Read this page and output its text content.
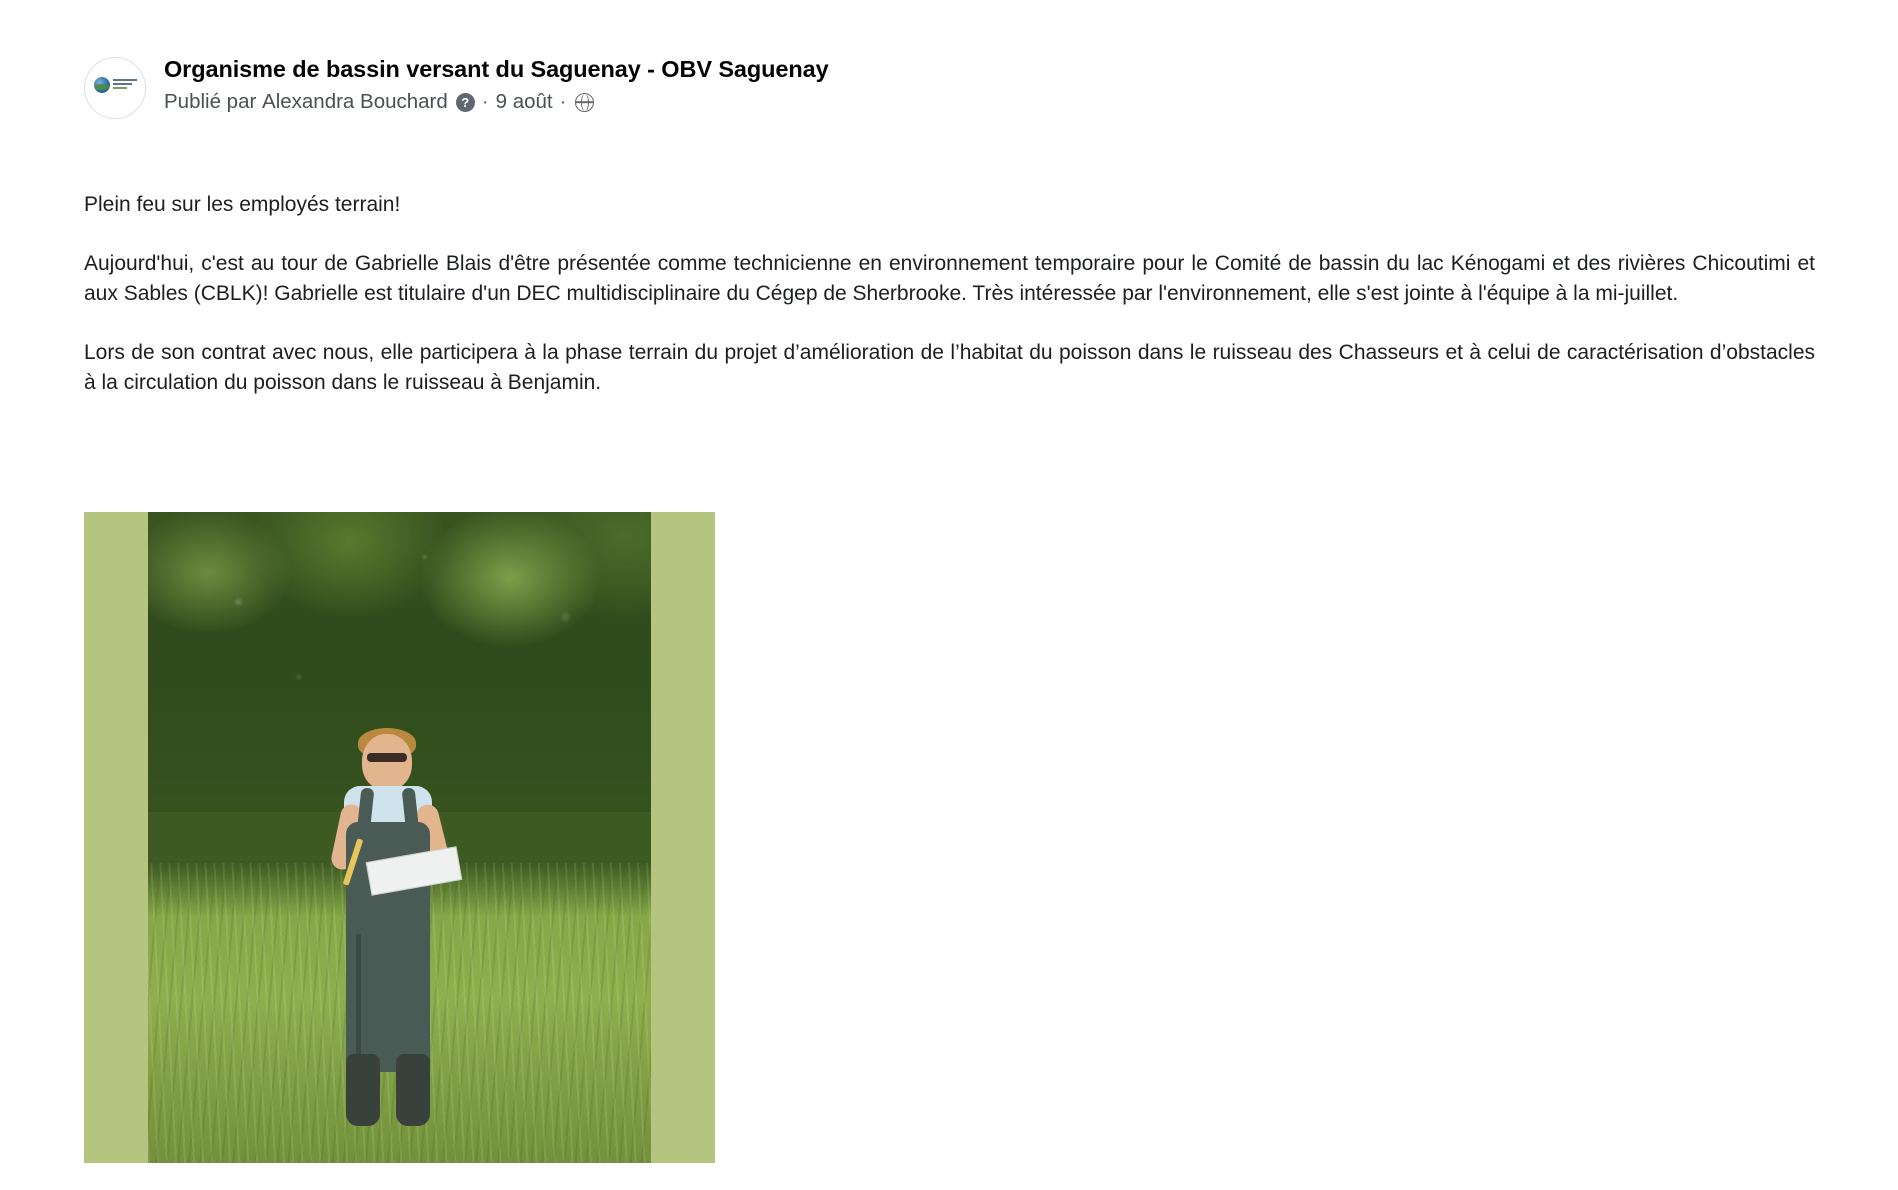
Organisme de bassin versant du Saguenay - OBV Saguenay
Publié par
Alexandra Bouchard	? · 9 août ·

Plein feu sur les employés terrain!

Aujourd'hui, c'est au tour de Gabrielle Blais d'être présentée comme technicienne en environnement temporaire pour le Comité de bassin du lac Kénogami et des rivières Chicoutimi et aux Sables (CBLK)! Gabrielle est titulaire d'un DEC multidisciplinaire du Cégep de Sherbrooke. Très intéressée par l'environnement, elle s'est jointe à l'équipe à la mi-juillet.

Lors de son contrat avec nous, elle participera à la phase terrain du projet d’amélioration de l’habitat du poisson dans le ruisseau des Chasseurs et à celui de caractérisation d’obstacles à la circulation du poisson dans le ruisseau à Benjamin.
